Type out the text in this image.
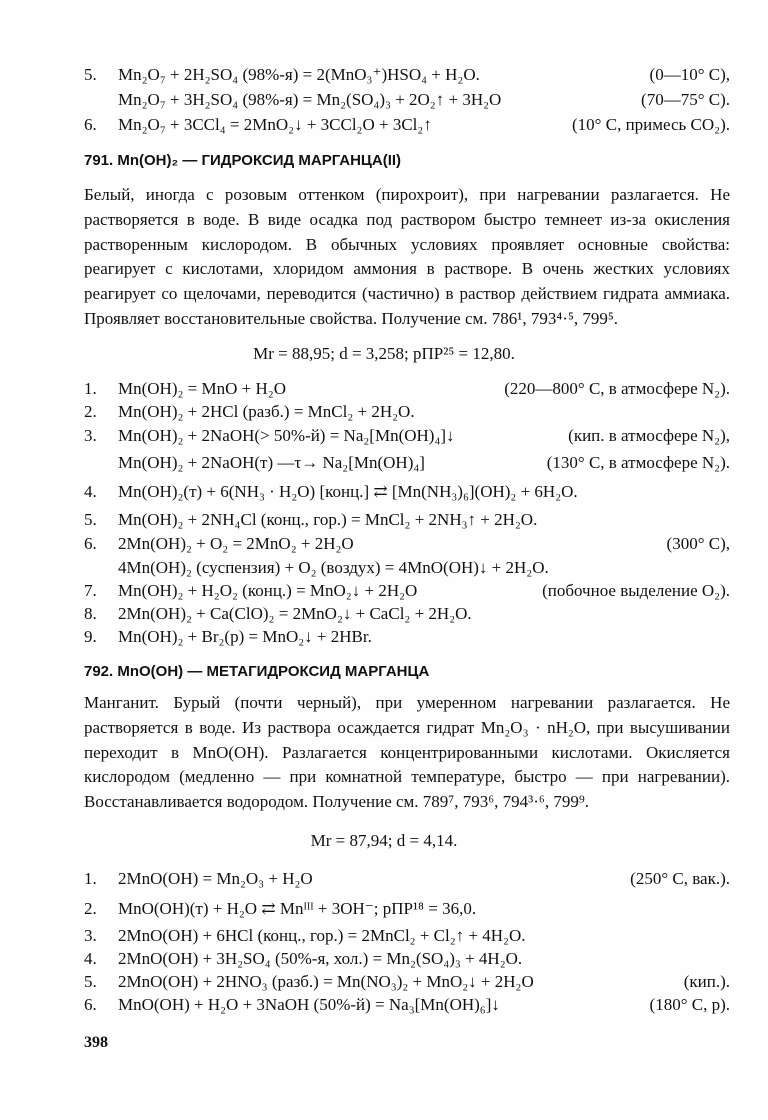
5. Mn₂O₇ + 2H₂SO₄ (98%-я) = 2(MnO₃⁺)HSO₄ + H₂O.	(0—10° С),
Mn₂O₇ + 3H₂SO₄ (98%-я) = Mn₂(SO₄)₃ + 2O₂↑ + 3H₂O	(70—75° С).
6. Mn₂O₇ + 3CCl₄ = 2MnO₂↓ + 3CCl₂O + 3Cl₂↑	(10° С, примесь CO₂).
791. Mn(OH)₂ — ГИДРОКСИД МАРГАНЦА(II)
Белый, иногда с розовым оттенком (пирохроит), при нагревании разлагается. Не растворяется в воде. В виде осадка под раствором быстро темнеет из-за окисления растворенным кислородом. В обычных условиях проявляет основные свойства: реагирует с кислотами, хлоридом аммония в растворе. В очень жестких условиях реагирует со щелочами, переводится (частично) в раствор действием гидрата аммиака. Проявляет восстановительные свойства. Получение см. 786¹, 793⁴·⁵, 799⁵.
Mr = 88,95; d = 3,258; рПР²⁵ = 12,80.
1. Mn(OH)₂ = MnO + H₂O	(220—800° С, в атмосфере N₂).
2. Mn(OH)₂ + 2HCl (разб.) = MnCl₂ + 2H₂O.
3. Mn(OH)₂ + 2NaOH(> 50%-й) = Na₂[Mn(OH)₄]↓	(кип. в атмосфере N₂),
Mn(OH)₂ + 2NaOH(т) —τ→ Na₂[Mn(OH)₄]	(130° С, в атмосфере N₂).
4. Mn(OH)₂(т) + 6(NH₃ · H₂O) [конц.] ⇄ [Mn(NH₃)₆](OH)₂ + 6H₂O.
5. Mn(OH)₂ + 2NH₄Cl (конц., гор.) = MnCl₂ + 2NH₃↑ + 2H₂O.
6. 2Mn(OH)₂ + O₂ = 2MnO₂ + 2H₂O	(300° С),
4Mn(OH)₂ (суспензия) + O₂ (воздух) = 4MnO(OH)↓ + 2H₂O.
7. Mn(OH)₂ + H₂O₂ (конц.) = MnO₂↓ + 2H₂O	(побочное выделение O₂).
8. 2Mn(OH)₂ + Ca(ClO)₂ = 2MnO₂↓ + CaCl₂ + 2H₂O.
9. Mn(OH)₂ + Br₂(р) = MnO₂↓ + 2HBr.
792. MnO(OH) — МЕТАГИДРОКСИД МАРГАНЦА
Манганит. Бурый (почти черный), при умеренном нагревании разлагается. Не растворяется в воде. Из раствора осаждается гидрат Mn₂O₃ · nH₂O, при высушивании переходит в MnO(OH). Разлагается концентрированными кислотами. Окисляется кислородом (медленно — при комнатной температуре, быстро — при нагревании). Восстанавливается водородом. Получение см. 789⁷, 793⁶, 794³·⁶, 799⁹.
Mr = 87,94; d = 4,14.
1. 2MnO(OH) = Mn₂O₃ + H₂O	(250° С, вак.).
2. MnO(OH)(т) + H₂O ⇄ Mnᴵᴵᴵ + 3OH⁻; рПР¹⁸ = 36,0.
3. 2MnO(OH) + 6HCl (конц., гор.) = 2MnCl₂ + Cl₂↑ + 4H₂O.
4. 2MnO(OH) + 3H₂SO₄ (50%-я, хол.) = Mn₂(SO₄)₃ + 4H₂O.
5. 2MnO(OH) + 2HNO₃ (разб.) = Mn(NO₃)₂ + MnO₂↓ + 2H₂O	(кип.).
6. MnO(OH) + H₂O + 3NaOH (50%-й) = Na₃[Mn(OH)₆]↓	(180° С, р).
398
